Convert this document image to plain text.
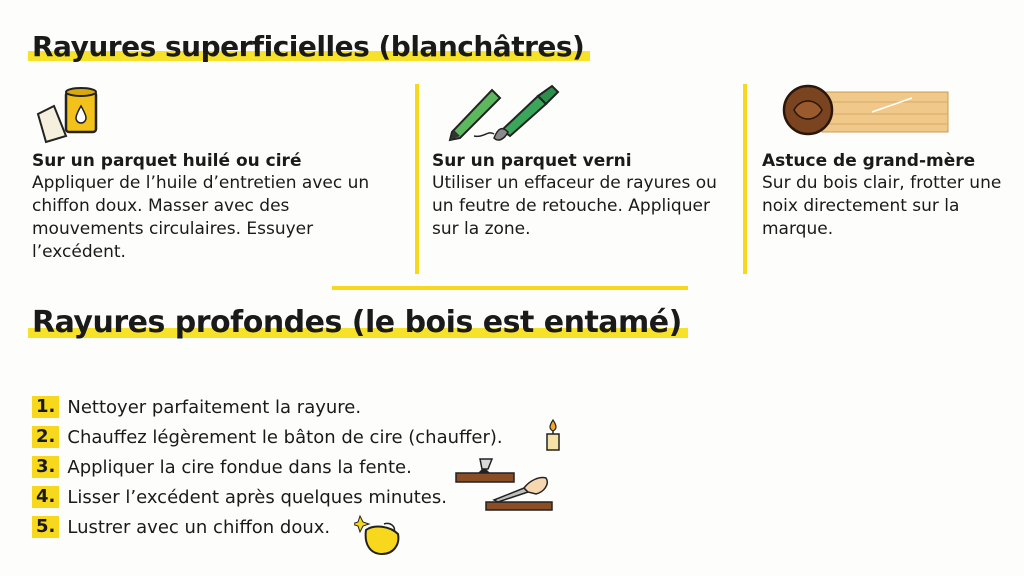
Rayures superficielles (blanchâtres)
Sur un parquet huilé ou ciré
Appliquer de l’huile d’entretien avec un chiffon doux. Masser avec des mouvements circulaires. Essuyer l’excédent.
Sur un parquet verni
Utiliser un effaceur de rayures ou un feutre de retouche. Appliquer sur la zone.
Astuce de grand-mère
Sur du bois clair, frotter une noix directement sur la marque.
Rayures profondes (le bois est entamé)
1. Nettoyer parfaitement la rayure.
2. Chauffez légèrement le bâton de cire (chauffer).
3. Appliquer la cire fondue dans la fente.
4. Lisser l’excédent après quelques minutes.
5. Lustrer avec un chiffon doux.
